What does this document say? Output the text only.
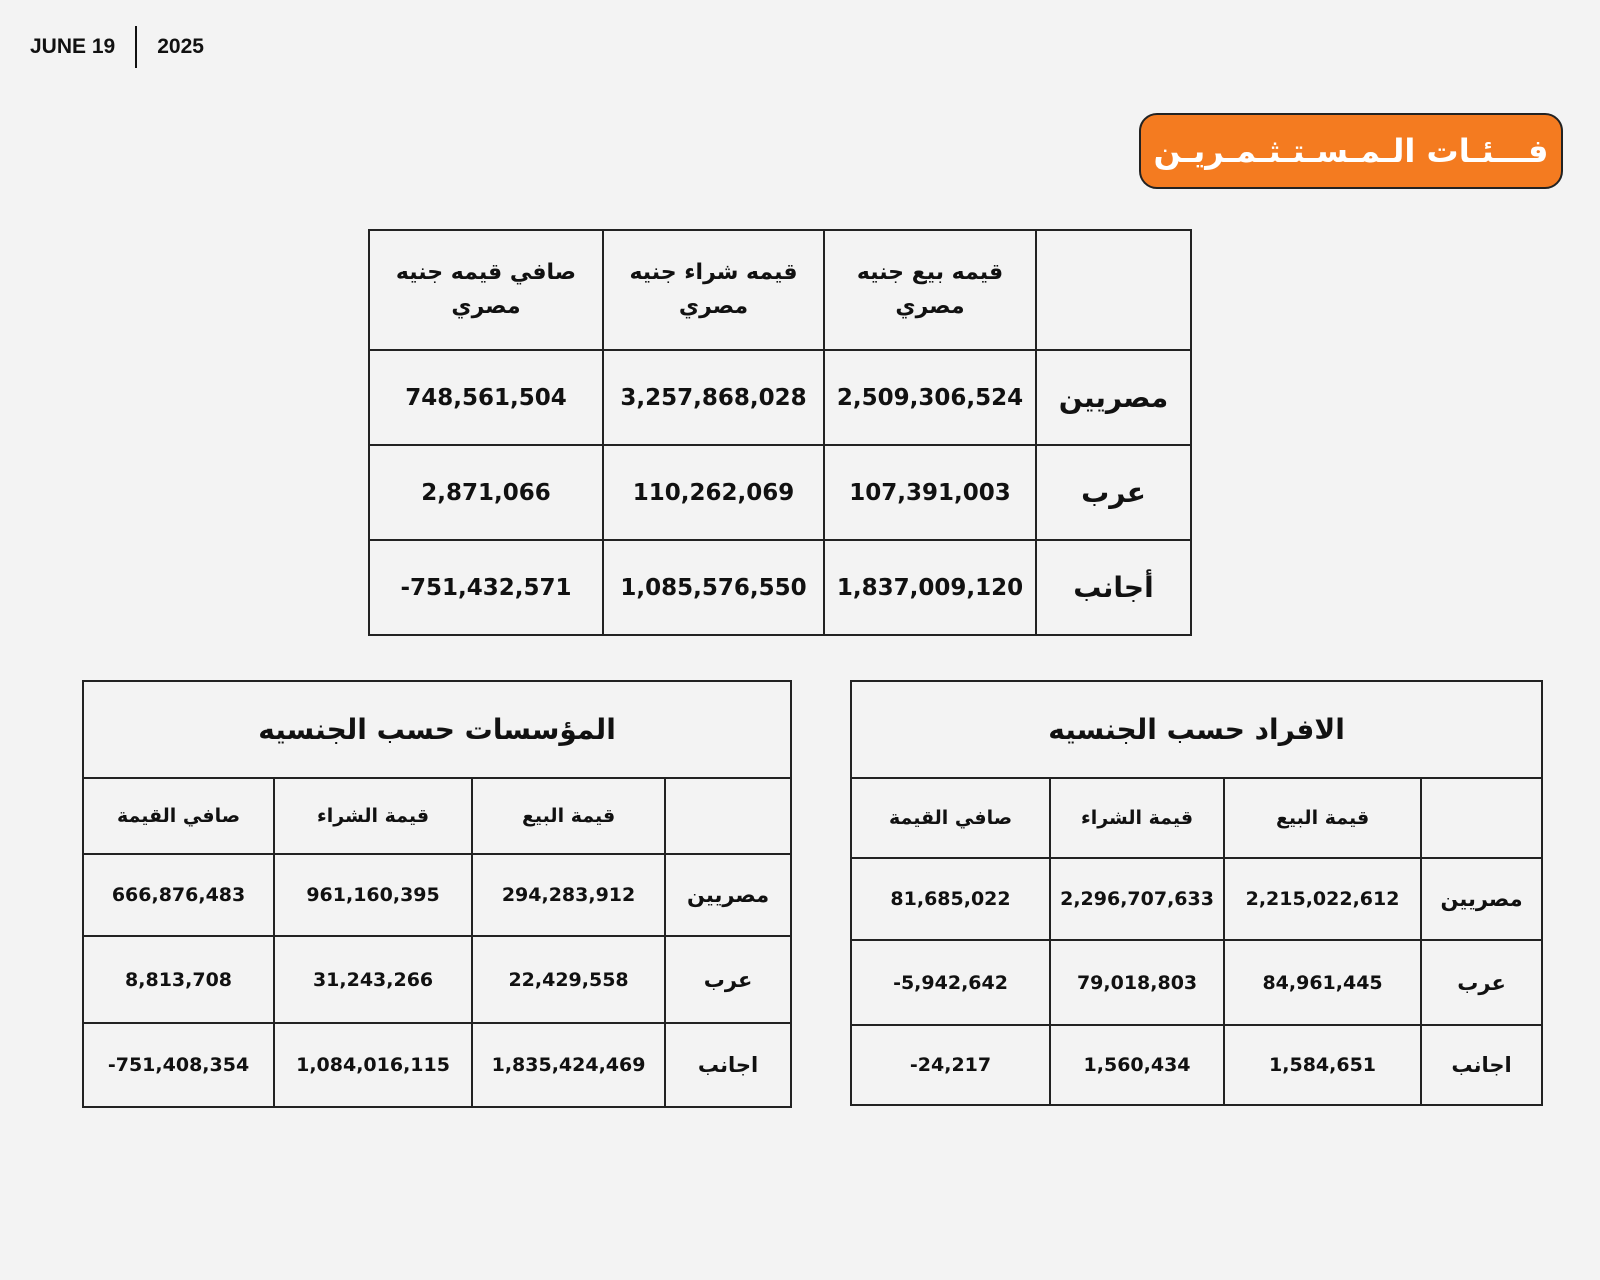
JUNE 19 2025
فـــئـات الـمـسـتـثـمـريـن
	قيمه بيع جنيه مصري	قيمه شراء جنيه مصري	صافي قيمه جنيه مصري
مصريين	2,509,306,524	3,257,868,028	748,561,504
عرب	107,391,003	110,262,069	2,871,066
أجانب	1,837,009,120	1,085,576,550	-751,432,571
الافراد حسب الجنسيه			
	قيمة البيع	قيمة الشراء	صافي القيمة
مصريين	2,215,022,612	2,296,707,633	81,685,022
عرب	84,961,445	79,018,803	-5,942,642
اجانب	1,584,651	1,560,434	-24,217
المؤسسات حسب الجنسيه			
	قيمة البيع	قيمة الشراء	صافي القيمة
مصريين	294,283,912	961,160,395	666,876,483
عرب	22,429,558	31,243,266	8,813,708
اجانب	1,835,424,469	1,084,016,115	-751,408,354
